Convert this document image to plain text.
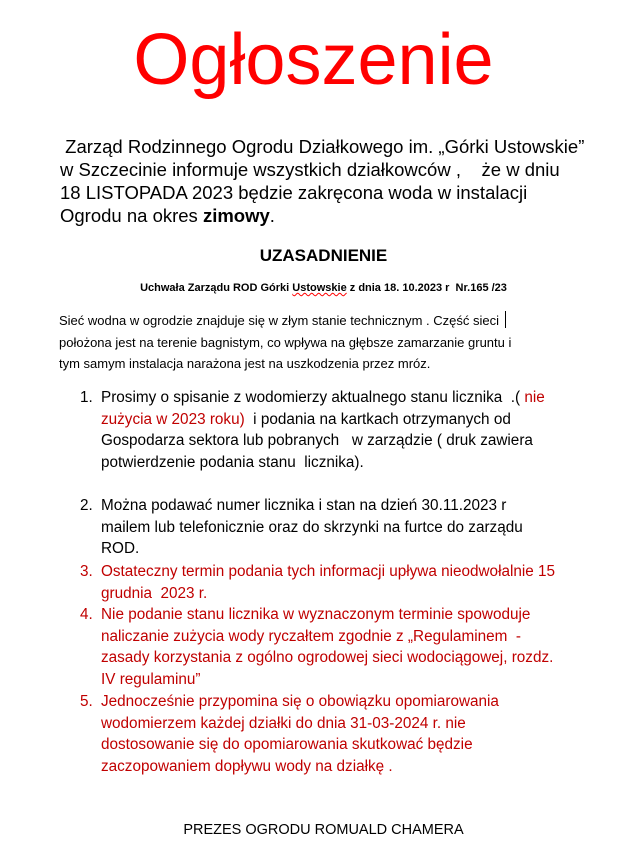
Ogłoszenie
Zarząd Rodzinnego Ogrodu Działkowego im. „Górki Ustowskie”
w Szczecinie informuje wszystkich działkowców ,    że w dniu
18 LISTOPADA 2023 będzie zakręcona woda w instalacji
Ogrodu na okres zimowy.
UZASADNIENIE
Uchwała Zarządu ROD Górki Ustowskie z dnia 18. 10.2023 r  Nr.165 /23
Sieć wodna w ogrodzie znajduje się w złym stanie technicznym . Część sieci
położona jest na terenie bagnistym, co wpływa na głębsze zamarzanie gruntu i
tym samym instalacja narażona jest na uszkodzenia przez mróz.
1. Prosimy o spisanie z wodomierzy aktualnego stanu licznika  .( nie
zużycia w 2023 roku)  i podania na kartkach otrzymanych od
Gospodarza sektora lub pobranych   w zarządzie ( druk zawiera
potwierdzenie podania stanu  licznika).
2. Można podawać numer licznika i stan na dzień 30.11.2023 r
mailem lub telefonicznie oraz do skrzynki na furtce do zarządu
ROD.
3. Ostateczny termin podania tych informacji upływa nieodwołalnie 15
grudnia  2023 r.
4. Nie podanie stanu licznika w wyznaczonym terminie spowoduje
naliczanie zużycia wody ryczałtem zgodnie z „Regulaminem  -
zasady korzystania z ogólno ogrodowej sieci wodociągowej, rozdz.
IV regulaminu”
5. Jednocześnie przypomina się o obowiązku opomiarowania
wodomierzem każdej działki do dnia 31-03-2024 r. nie
dostosowanie się do opomiarowania skutkować będzie
zaczopowaniem dopływu wody na działkę .
PREZES OGRODU ROMUALD CHAMERA
